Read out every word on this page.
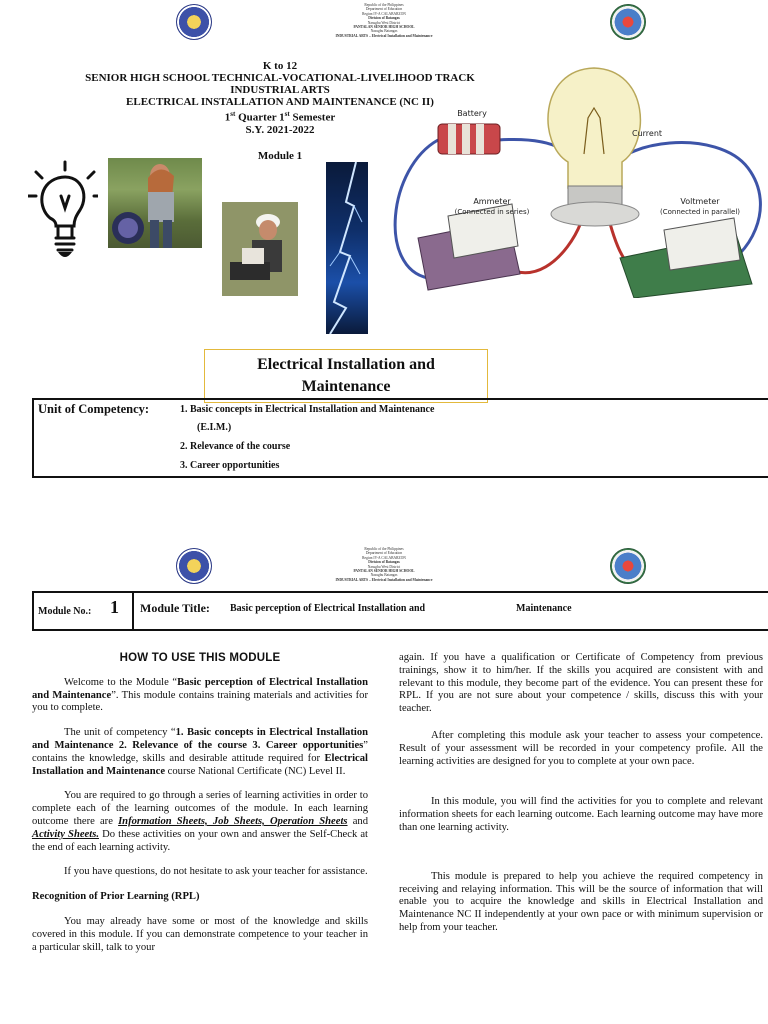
Republic of the Philippines
Department of Education
Region IV-A CALABARZON
Division of Batangas
Nasugbu West District
PANTALAN SENIOR HIGH SCHOOL
Nasugbu Batangas
INDUSTRIAL ARTS – Electrical Installation and Maintenance
K to 12
SENIOR HIGH SCHOOL TECHNICAL-VOCATIONAL-LIVELIHOOD TRACK
INDUSTRIAL ARTS
ELECTRICAL INSTALLATION AND MAINTENANCE (NC II)
1st Quarter 1st Semester
S.Y. 2021-2022
Module 1
Battery
Current
Ammeter
(Connected in series)
Voltmeter
(Connected in parallel)
Electrical Installation and
Maintenance
Unit of Competency:	1. Basic concepts in Electrical Installation and Maintenance
(E.I.M.)
2. Relevance of the course
3. Career opportunities
Republic of the Philippines
Department of Education
Region IV-A CALABARZON
Division of Batangas
Nasugbu West District
PANTALAN SENIOR HIGH SCHOOL
Nasugbu Batangas
INDUSTRIAL ARTS – Electrical Installation and Maintenance
Module No.: 1 Module Title: Basic perception of Electrical Installation and	Maintenance

HOW TO USE THIS MODULE

Welcome to the Module “Basic perception of Electrical Installation and Maintenance”. This module contains training materials and activities for you to complete.

The unit of competency “1. Basic concepts in Electrical Installation and Maintenance 2. Relevance of the course 3. Career opportunities” contains the knowledge, skills and desirable attitude required for Electrical Installation and Maintenance course National Certificate (NC) Level II.

You are required to go through a series of learning activities in order to complete each of the learning outcomes of the module. In each learning outcome there are Information Sheets, Job Sheets, Operation Sheets and Activity Sheets. Do these activities on your own and answer the Self-Check at the end of each learning activity.

If you have questions, do not hesitate to ask your teacher for assistance.

Recognition of Prior Learning (RPL)

You may already have some or most of the knowledge and skills covered in this module. If you can demonstrate competence to your teacher in a particular skill, talk to your

again. If you have a qualification or Certificate of Competency from previous trainings, show it to him/her. If the skills you acquired are consistent with and relevant to this module, they become part of the evidence. You can present these for RPL. If you are not sure about your competence / skills, discuss this with your teacher.

After completing this module ask your teacher to assess your competence. Result of your assessment will be recorded in your competency profile. All the learning activities are designed for you to complete at your own pace.

In this module, you will find the activities for you to complete and relevant information sheets for each learning outcome. Each learning outcome may have more than one learning activity.

This module is prepared to help you achieve the required competency in receiving and relaying information. This will be the source of information that will enable you to acquire the knowledge and skills in Electrical Installation and Maintenance NC II independently at your own pace or with minimum supervision or help from your teacher.
